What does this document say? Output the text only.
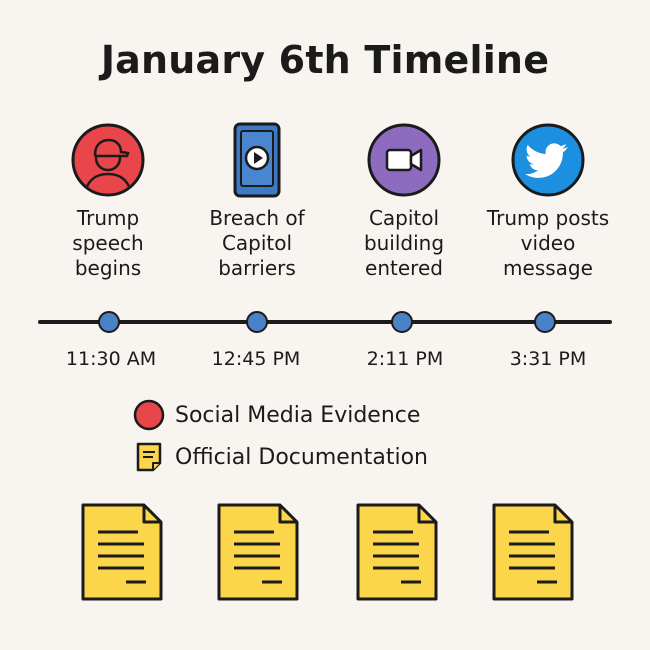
January 6th Timeline
Trump
speech
begins
Breach of
Capitol
barriers
Capitol
building
entered
Trump posts
video
message
11:30 AM	12:45 PM	2:11 PM	3:31 PM
Social Media Evidence
Official Documentation
